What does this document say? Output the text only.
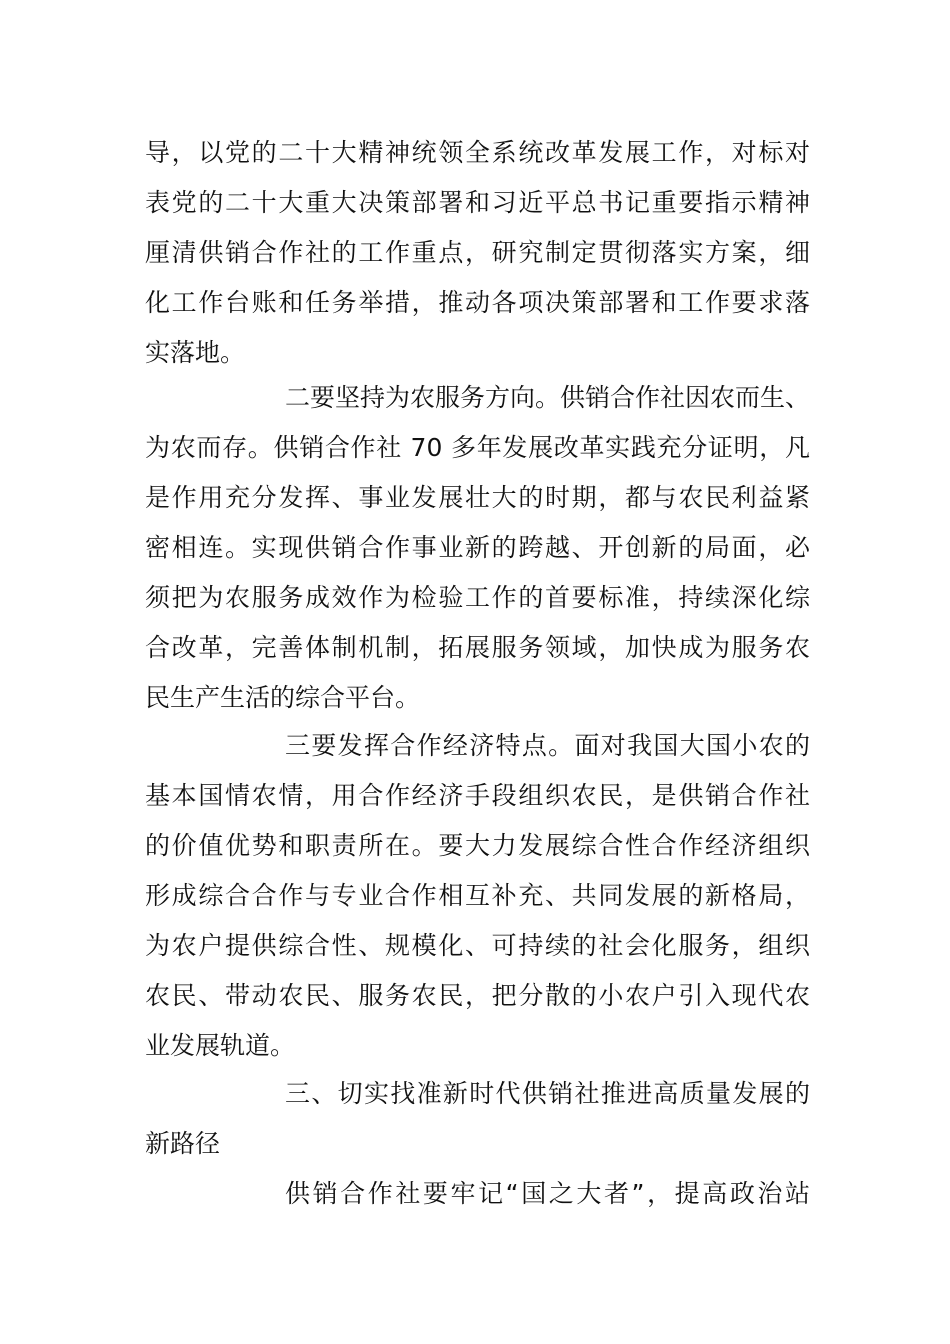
导，以党的二十大精神统领全系统改革发展工作，对标对
表党的二十大重大决策部署和习近平总书记重要指示精神
厘清供销合作社的工作重点，研究制定贯彻落实方案，细
化工作台账和任务举措，推动各项决策部署和工作要求落
实落地。
二要坚持为农服务方向。供销合作社因农而生、
为农而存。供销合作社 70 多年发展改革实践充分证明，凡
是作用充分发挥、事业发展壮大的时期，都与农民利益紧
密相连。实现供销合作事业新的跨越、开创新的局面，必
须把为农服务成效作为检验工作的首要标准，持续深化综
合改革，完善体制机制，拓展服务领域，加快成为服务农
民生产生活的综合平台。
三要发挥合作经济特点。面对我国大国小农的
基本国情农情，用合作经济手段组织农民，是供销合作社
的价值优势和职责所在。要大力发展综合性合作经济组织
形成综合合作与专业合作相互补充、共同发展的新格局，
为农户提供综合性、规模化、可持续的社会化服务，组织
农民、带动农民、服务农民，把分散的小农户引入现代农
业发展轨道。
三、切实找准新时代供销社推进高质量发展的
新路径
供销合作社要牢记“国之大者”，提高政治站
